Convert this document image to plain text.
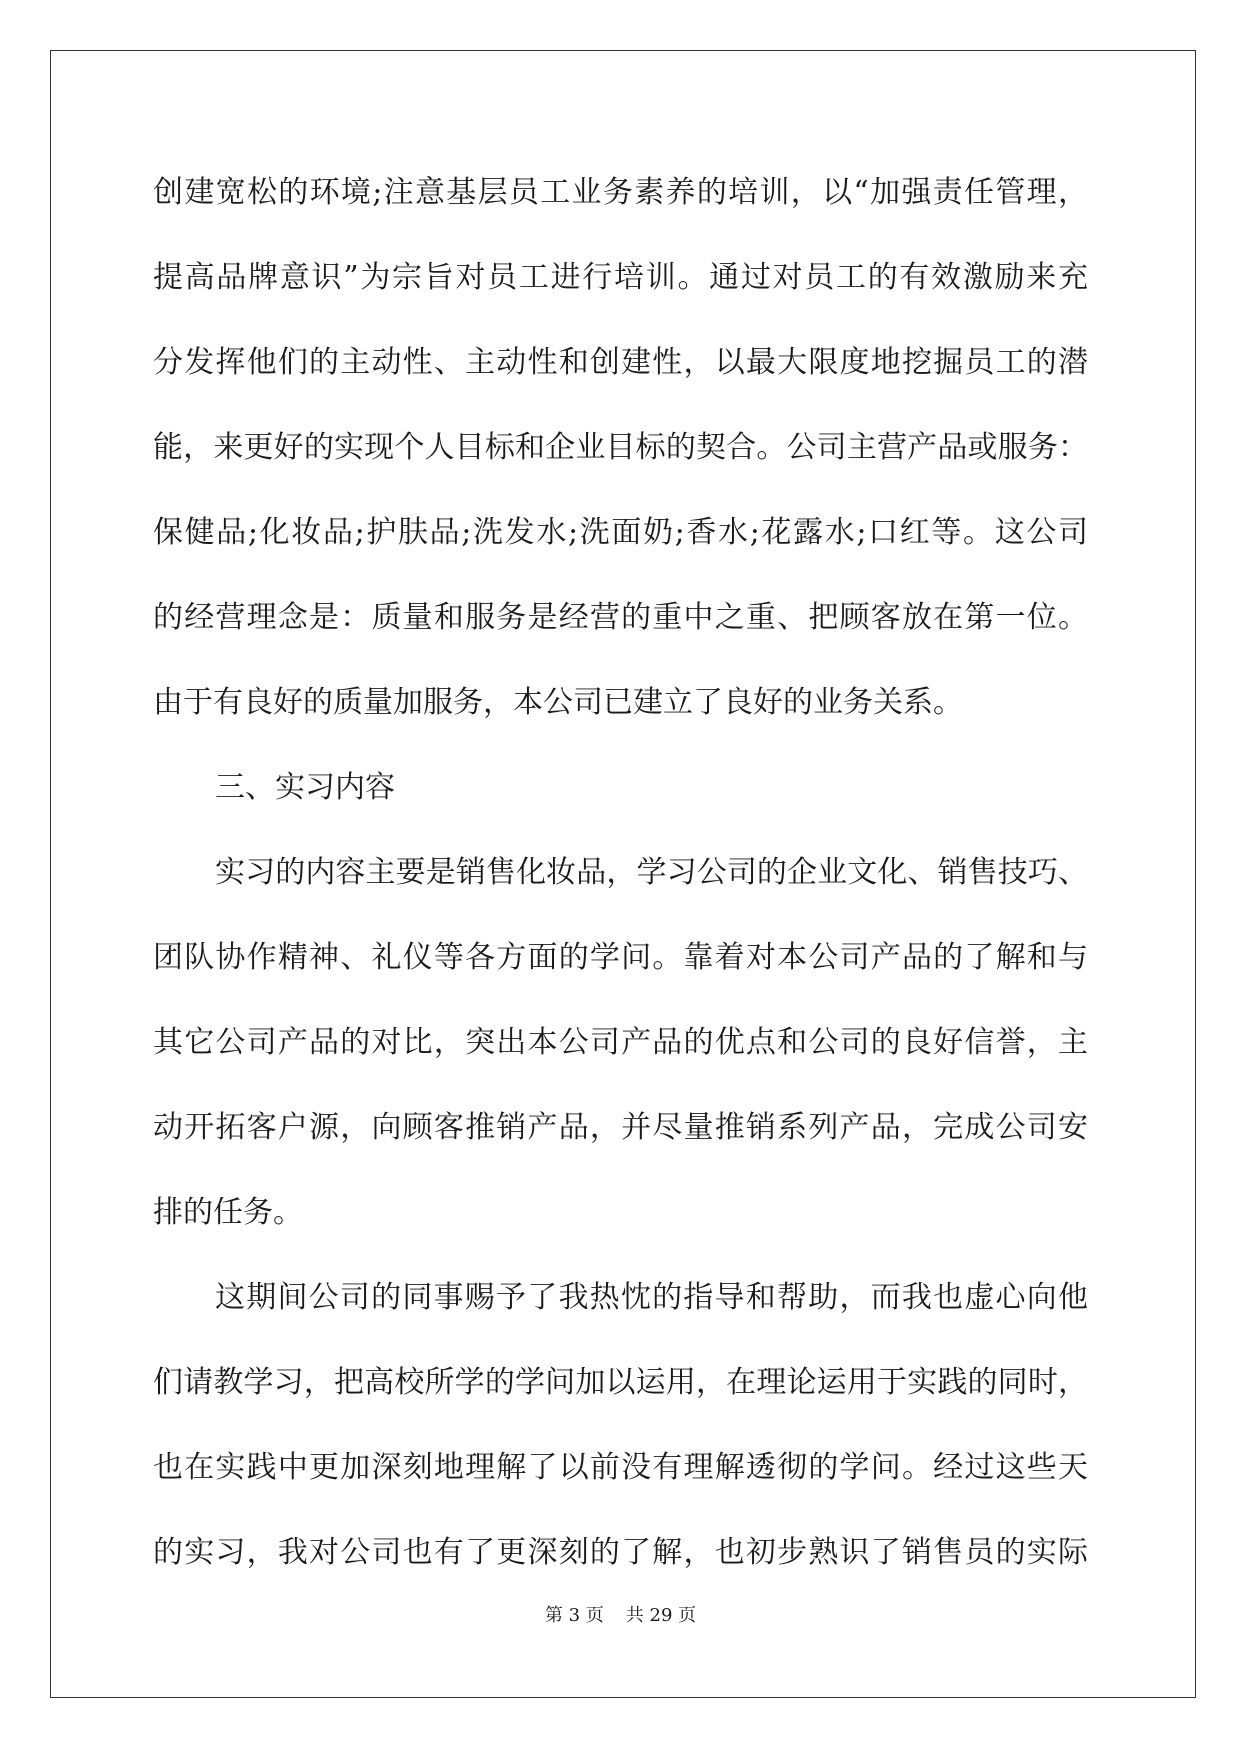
创建宽松的环境;注意基层员工业务素养的培训，以“加强责任管理，
提高品牌意识”为宗旨对员工进行培训。通过对员工的有效激励来充
分发挥他们的主动性、主动性和创建性，以最大限度地挖掘员工的潜
能，来更好的实现个人目标和企业目标的契合。公司主营产品或服务：
保健品;化妆品;护肤品;洗发水;洗面奶;香水;花露水;口红等。这公司
的经营理念是：质量和服务是经营的重中之重、把顾客放在第一位。
由于有良好的质量加服务，本公司已建立了良好的业务关系。
三、实习内容
实习的内容主要是销售化妆品，学习公司的企业文化、销售技巧、
团队协作精神、礼仪等各方面的学问。靠着对本公司产品的了解和与
其它公司产品的对比，突出本公司产品的优点和公司的良好信誉，主
动开拓客户源，向顾客推销产品，并尽量推销系列产品，完成公司安
排的任务。
这期间公司的同事赐予了我热忱的指导和帮助，而我也虚心向他
们请教学习，把高校所学的学问加以运用，在理论运用于实践的同时，
也在实践中更加深刻地理解了以前没有理解透彻的学问。经过这些天
的实习，我对公司也有了更深刻的了解，也初步熟识了销售员的实际
第 3 页 共 29 页
